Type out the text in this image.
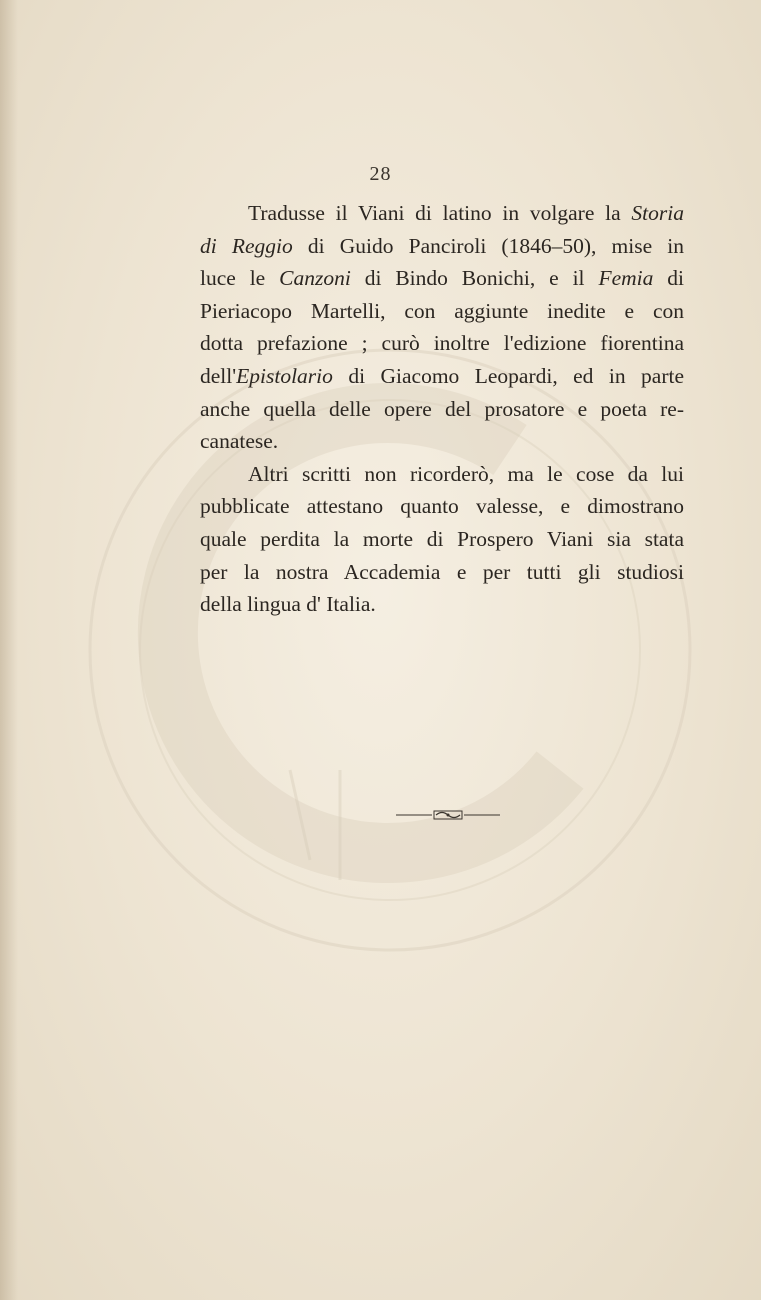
28
Tradusse il Viani di latino in volgare la Storia
di Reggio di Guido Panciroli (1846–50), mise in
luce le Canzoni di Bindo Bonichi, e il Femia di
Pieriacopo Martelli, con aggiunte inedite e con
dotta prefazione ; curò inoltre l'edizione fiorentina
dell'Epistolario di Giacomo Leopardi, ed in parte
anche quella delle opere del prosatore e poeta re-
canatese.
Altri scritti non ricorderò, ma le cose da lui
pubblicate attestano quanto valesse, e dimostrano
quale perdita la morte di Prospero Viani sia stata
per la nostra Accademia e per tutti gli studiosi
della lingua d' Italia.
